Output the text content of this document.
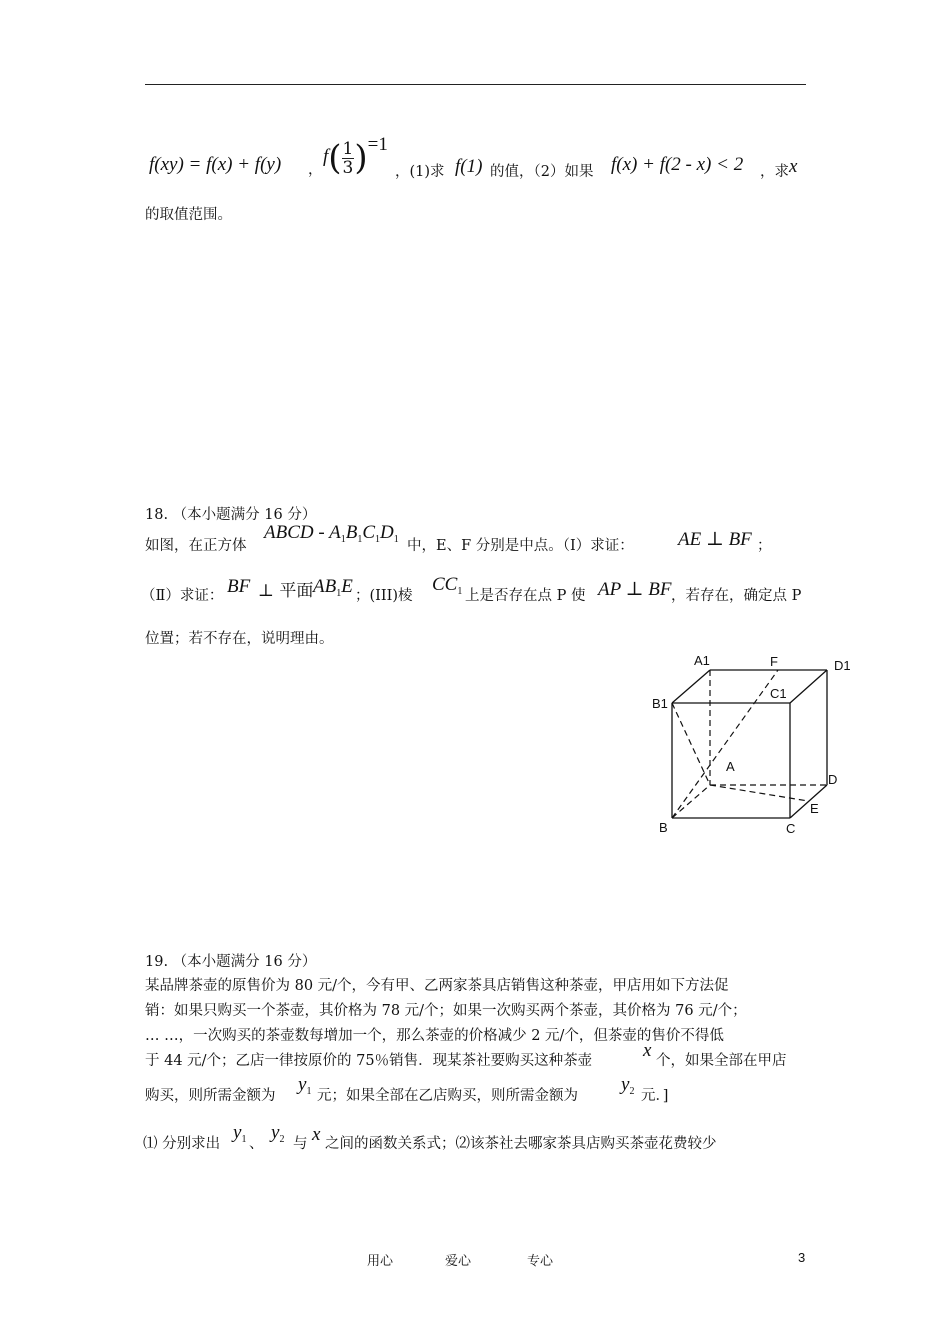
f(xy) = f(x) + f(y) ，
$f( \frac{1}{3} )=1$
，(1)求 f(1) 的值，（2）如果 f(x) + f(2 - x) < 2 ，求 x
的取值范围。
18. （本小题满分 16 分）
如图，在正方体
ABCD - $A_1B_1C_1D_1$ 中，E、F 分别是中点。（Ⅰ）求证： AE ⊥ BF ；
（Ⅱ）求证： BF ⊥ 平面 $AB_1E$ ；(III)棱
$CC_1$ 上是否存在点 P 使 AP ⊥ BF ，若存在，确定点 P
位置；若不存在，说明理由。
A1	F	D1
C1
B1
A
D
E
B	C
19. （本小题满分 16 分）
某品牌茶壶的原售价为 80 元/个，今有甲、乙两家茶具店销售这种茶壶，甲店用如下方法促
销：如果只购买一个茶壶，其价格为 78 元/个；如果一次购买两个茶壶，其价格为 76 元/个；
… …，一次购买的茶壶数每增加一个，那么茶壶的价格减少 2 元/个，但茶壶的售价不得低
于 44 元/个；乙店一律按原价的 75％销售．现某茶社要购买这种茶壶	x 个，如果全部在甲店
购买，则所需金额为
$y_1$ 元；如果全部在乙店购买，则所需金额为
$y_2$ 元．]
⑴ 分别求出
$y_1$ 、
$y_2$ 与 x 之间的函数关系式；⑵该茶社去哪家茶具店购买茶壶花费较少
用心	爱心	专心	3
